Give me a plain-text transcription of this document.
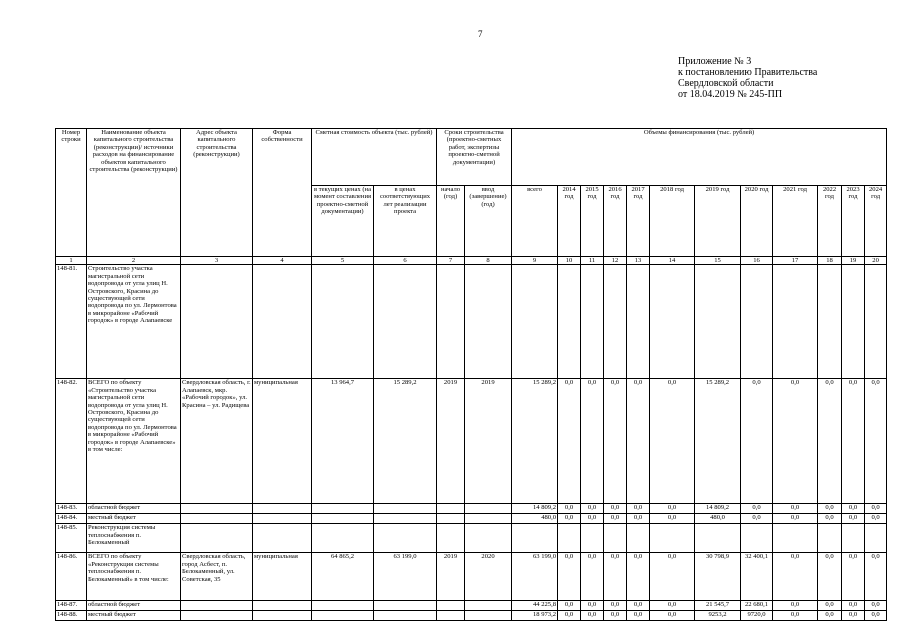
7
Приложение № 3
к постановлению Правительства
Свердловской области
от 18.04.2019 № 245-ПП
Номер строки	Наименование объекта капитального строительства (реконструкции)/ источники расходов на финансирование объектов капитального строительства (реконструкции)	Адрес объекта капитального строительства (реконструкции)	Форма собственности	Сметная стоимость объекта (тыс. рублей)		Сроки строительства (проектно-сметных работ, экспертизы проектно-сметной документации)		Объемы финансирования (тыс. рублей)											
				в текущих ценах (на момент составления проектно-сметной документации)	в ценах соответствующих лет реализации проекта	начало (год)	ввод (завершение) (год)	всего	2014 год	2015 год	2016 год	2017 год	2018 год	2019 год	2020 год	2021 год	2022 год	2023 год	2024 год
1	2	3	4	5	6	7	8	9	10	11	12	13	14	15	16	17	18	19	20
148-81.	Строительство участка магистральной сети водопровода от угла улиц Н. Островского, Красина до существующей сети водопровода по ул. Лермонтова в микрорайоне «Рабочий городок» в городе Алапаевске																		
148-82.	ВСЕГО по объекту «Строительство участка магистральной сети водопровода от угла улиц Н. Островского, Красина до существующей сети водопровода по ул. Лермонтова в микрорайоне «Рабочий городок» в городе Алапаевске» в том числе:	Свердловская область, г. Алапаевск, мкр. «Рабочий городок», ул. Красина – ул. Радищева	муниципальная	13 964,7	15 289,2	2019	2019	15 289,2	0,0	0,0	0,0	0,0	0,0	15 289,2	0,0	0,0	0,0	0,0	0,0
148-83.	областной бюджет							14 809,2	0,0	0,0	0,0	0,0	0,0	14 809,2	0,0	0,0	0,0	0,0	0,0
148-84.	местный бюджет							480,0	0,0	0,0	0,0	0,0	0,0	480,0	0,0	0,0	0,0	0,0	0,0
148-85.	Реконструкция системы теплоснабжения п. Белокаменный																		
148-86.	ВСЕГО по объекту «Реконструкция системы теплоснабжения п. Белокаменный» в том числе:	Свердловская область, город Асбест, п. Белокаменный, ул. Советская, 35	муниципальная	64 865,2	63 199,0	2019	2020	63 199,0	0,0	0,0	0,0	0,0	0,0	30 798,9	32 400,1	0,0	0,0	0,0	0,0
148-87.	областной бюджет							44 225,8	0,0	0,0	0,0	0,0	0,0	21 545,7	22 680,1	0,0	0,0	0,0	0,0
148-88.	местный бюджет							18 973,2	0,0	0,0	0,0	0,0	0,0	9253,2	9720,0	0,0	0,0	0,0	0,0
